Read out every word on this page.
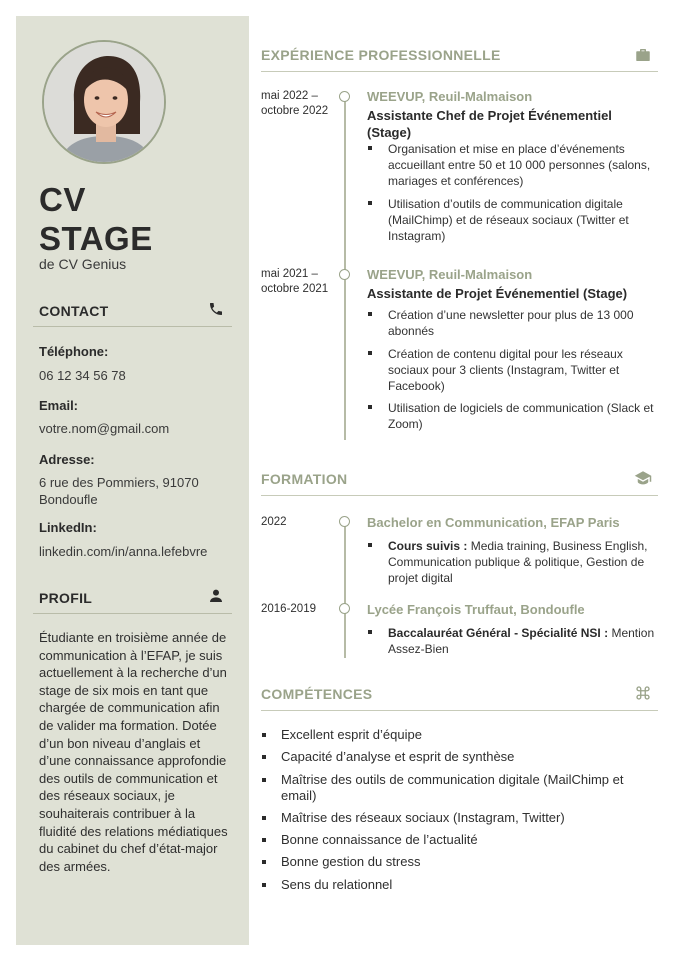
CV
STAGE
de CV Genius
CONTACT
Téléphone:
06 12 34 56 78
Email:
votre.nom@gmail.com
Adresse:
6 rue des Pommiers, 91070 Bondoufle
LinkedIn:
linkedin.com/in/anna.lefebvre
PROFIL
Étudiante en troisième année de communication à l’EFAP, je suis actuellement à la recherche d’un stage de six mois en tant que chargée de communication afin de valider ma formation. Dotée d’un bon niveau d’anglais et d’une connaissance approfondie des outils de communication et des réseaux sociaux, je souhaiterais contribuer à la fluidité des relations médiatiques du cabinet du chef d’état-major des armées.
EXPÉRIENCE PROFESSIONNELLE
mai 2022 – octobre 2022
WEEVUP, Reuil-Malmaison
Assistante Chef de Projet Événementiel (Stage)
Organisation et mise en place d’événements accueillant entre 50 et 10 000 personnes (salons, mariages et conférences)
Utilisation d’outils de communication digitale (MailChimp) et de réseaux sociaux (Twitter et Instagram)
mai 2021 – octobre 2021
WEEVUP, Reuil-Malmaison
Assistante de Projet Événementiel (Stage)
Création d’une newsletter pour plus de 13 000 abonnés
Création de contenu digital pour les réseaux sociaux pour 3 clients (Instagram, Twitter et Facebook)
Utilisation de logiciels de communication (Slack et Zoom)
FORMATION
2022	Bachelor en Communication, EFAP Paris
Cours suivis : Media training, Business English, Communication publique & politique, Gestion de projet digital
2016-2019	Lycée François Truffaut, Bondoufle
Baccalauréat Général - Spécialité NSI : Mention Assez-Bien
COMPÉTENCES
Excellent esprit d’équipe
Capacité d’analyse et esprit de synthèse
Maîtrise des outils de communication digitale (MailChimp et email)
Maîtrise des réseaux sociaux (Instagram, Twitter)
Bonne connaissance de l’actualité
Bonne gestion du stress
Sens du relationnel
